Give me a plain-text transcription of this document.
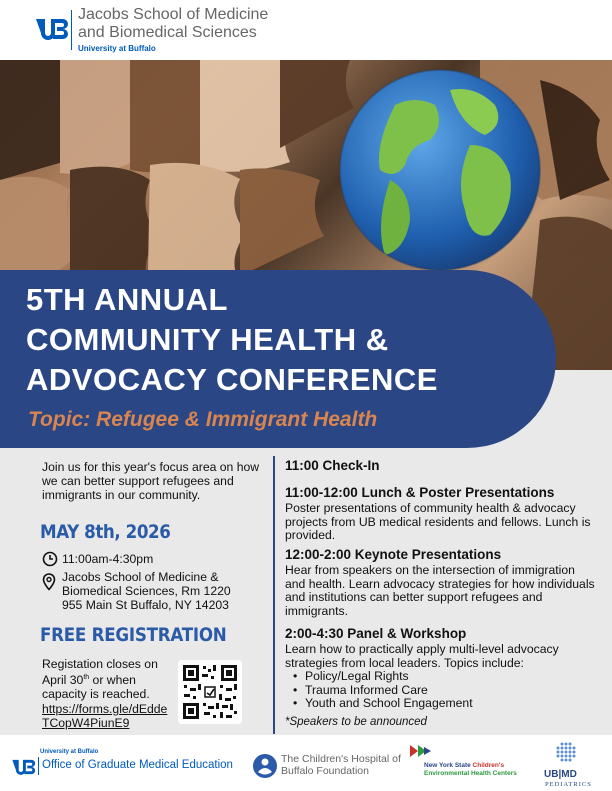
Jacobs School of Medicine
and Biomedical Sciences
University at Buffalo
5TH ANNUAL
COMMUNITY HEALTH &
ADVOCACY CONFERENCE
Topic: Refugee & Immigrant Health
Join us for this year's focus area on how we can better support refugees and immigrants in our community.
MAY 8th, 2026
11:00am-4:30pm
Jacobs School of Medicine &
Biomedical Sciences, Rm 1220
955 Main St Buffalo, NY 14203
FREE REGISTRATION
Registation closes on April 30th or when capacity is reached.
https://forms.gle/dEddeTCopW4PiunE9
11:00 Check-In
11:00-12:00 Lunch & Poster Presentations
Poster presentations of community health & advocacy projects from UB medical residents and fellows. Lunch is provided.
12:00-2:00 Keynote Presentations
Hear from speakers on the intersection of immigration and health. Learn advocacy strategies for how individuals and institutions can better support refugees and immigrants.
2:00-4:30 Panel & Workshop
Learn how to practically apply multi-level advocacy strategies from local leaders. Topics include:
• Policy/Legal Rights
• Trauma Informed Care
• Youth and School Engagement
*Speakers to be announced
University at Buffalo
Office of Graduate Medical Education	The Children's Hospital of Buffalo Foundation	New York State Children's
Environmental Health Centers	UB|MD
PEDIATRICS
